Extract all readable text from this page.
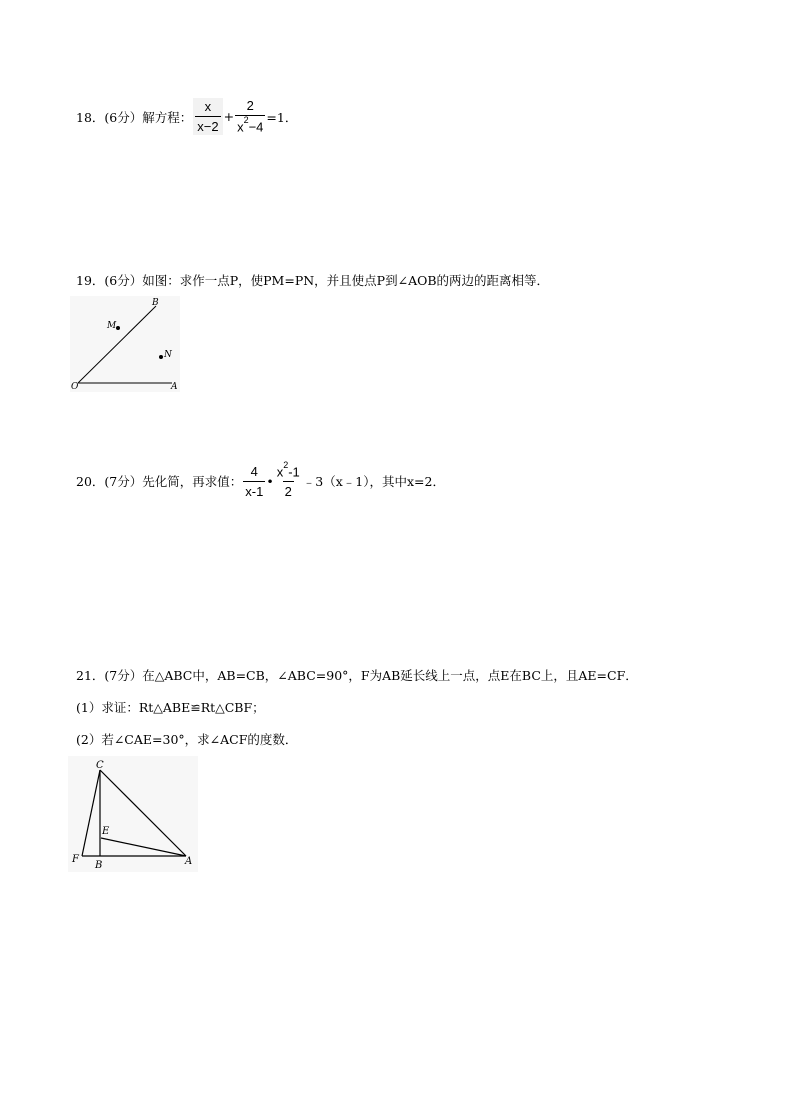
18．(6分）解方程： $\frac{x}{x-2} + \frac{2}{x^2-4} =1$．
19．(6分）如图：求作一点P，使PM=PN，并且使点P到∠AOB的两边的距离相等．
B
M
N
O	A
20．(7分）先化简，再求值： $\frac{4}{x-1}$ • $\frac{x^2-1}{2}$ ﹣3（x﹣1），其中x=2．
21．(7分）在△ABC中，AB=CB，∠ABC=90°，F为AB延长线上一点，点E在BC上，且AE=CF．
(1）求证：Rt△ABE≌Rt△CBF；
(2）若∠CAE=30°，求∠ACF的度数．
C
E
F
B	A
